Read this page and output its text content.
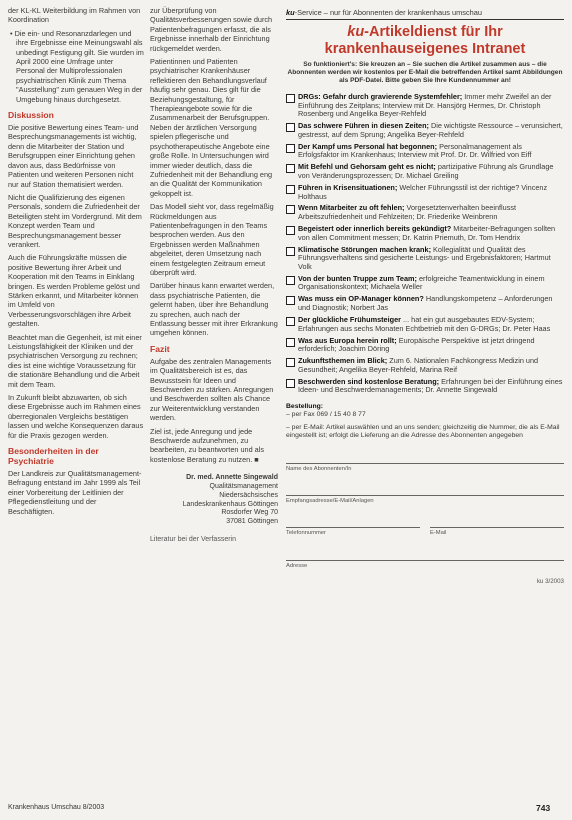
der KL-KL Weiterbildung im Rahmen von Koordination

• Die ein- und Resonanzdarlegen und ihre Ergebnisse eine Meinungswahl als unbedingt Festigung gilt. Sie wurden im April 2000 eine Umfrage unter Personal der Multiprofessionalen psychiatrischen Klinik zum Thema "Ausstellung" zum genauen Weg in der Umgebung hinaus durchgesetzt.

Diskussion

Die positive Bewertung eines Team- und Besprechungsmanagements ist wichtig, denn die Mitarbeiter der Station und Berufsgruppen einer Einrichtung gehen davon aus, dass Bedürfnisse von Patienten und weiteren Personen nicht nur auf Station thematisiert werden.

Nicht die Qualifizierung des eigenen Personals, sondern die Zufriedenheit der Beteiligten steht im Vordergrund. Mit dem Konzept werden Team und Besprechungsmanagement besser verankert.

Auch die Führungskräfte müssen die positive Bewertung ihrer Arbeit und Kooperation mit den Teams in Einklang bringen. Es werden Probleme gelöst und Stärken erkannt, und Mitarbeiter können im Umfeld von Verbesserungsvorschlägen ihre Arbeit gestalten.

Beachtet man die Gegenheit, ist mit einer Leistungsfähigkeit der Kliniken und der psychiatrischen Versorgung zu rechnen; dies ist eine wichtige Voraussetzung für die stationäre Behandlung und die Arbeit mit dem Team.

In Zukunft bleibt abzuwarten, ob sich diese Ergebnisse auch im Rahmen eines überregionalen Vergleichs bestätigen lassen und welche Konsequenzen daraus für die Praxis gezogen werden.

Besonderheiten in der Psychiatrie

Der Landkreis zur Qualitätsmanagement-Befragung entstand im Jahr 1999 als Teil einer Vorbereitung der Leitlinien der Pflegedienstleitung und der Beschäftigten.

zur Überprüfung von Qualitätsverbesserungen sowie durch Patientenbefragungen erfasst, die als Ergebnisse innerhalb der Einrichtung rückgemeldet werden.

Patientinnen und Patienten psychiatrischer Krankenhäuser reflektieren den Behandlungsverlauf häufig sehr genau. Dies gilt für die Beziehungsgestaltung, für Therapieangebote sowie für die Zusammenarbeit der Berufsgruppen. Neben der ärztlichen Versorgung spielen pflegerische und psychotherapeutische Angebote eine große Rolle. In Untersuchungen wird immer wieder deutlich, dass die Zufriedenheit mit der Behandlung eng an die Qualität der Kommunikation gekoppelt ist.

Das Modell sieht vor, dass regelmäßig Rückmeldungen aus Patientenbefragungen in den Teams besprochen werden. Aus den Ergebnissen werden Maßnahmen abgeleitet, deren Umsetzung nach einem festgelegten Zeitraum erneut überprüft wird.

Darüber hinaus kann erwartet werden, dass psychiatrische Patienten, die gelernt haben, über ihre Behandlung zu sprechen, auch nach der Entlassung besser mit ihrer Erkrankung umgehen können.

Fazit

Aufgabe des zentralen Managements im Qualitätsbereich ist es, das Bewusstsein für Ideen und Beschwerden zu stärken. Anregungen und Beschwerden sollten als Chance zur Weiterentwicklung verstanden werden.

Ziel ist, jede Anregung und jede Beschwerde aufzunehmen, zu bearbeiten, zu beantworten und als kostenlose Beratung zu nutzen. ■

Dr. med. Annette Singewald
Qualitätsmanagement
Niedersächsisches
Landeskrankenhaus Göttingen
Rosdorfer Weg 70
37081 Göttingen
Literatur bei der Verfasserin
ku-Service – nur für Abonnenten der krankenhaus umschau
ku-Artikeldienst für Ihr
krankenhauseigenes Intranet
So funktioniert's: Sie kreuzen an – Sie suchen die Artikel zusammen aus – die Abonnenten werden wir kostenlos per E-Mail die betreffenden Artikel samt Abbildungen als PDF-Datei. Bitte geben Sie Ihre Kundennummer an!
DRGs: Gefahr durch gravierende Systemfehler; Immer mehr Zweifel an der Einführung des Zeitplans; Interview mit Dr. Hansjörg Hermes, Dr. Christoph Rosenberg und Angelika Beyer-Rehfeld
Das schwere Führen in diesen Zeiten; Die wichtigste Ressource – verunsichert, gestresst, auf dem Sprung; Angelika Beyer-Rehfeld
Der Kampf ums Personal hat begonnen; Personalmanagement als Erfolgsfaktor im Krankenhaus; Interview mit Prof. Dr. Dr. Wilfried von Eiff
Mit Befehl und Gehorsam geht es nicht; partizipative Führung als Grundlage von Veränderungsprozessen; Dr. Michael Greiling
Führen in Krisensituationen; Welcher Führungsstil ist der richtige? Vincenz Holthaus
Wenn Mitarbeiter zu oft fehlen; Vorgesetztenverhalten beeinflusst Arbeitszufriedenheit und Fehlzeiten; Dr. Friederike Weinbrenn
Begeistert oder innerlich bereits gekündigt? Mitarbeiter-Befragungen sollten von allen Commitment messen; Dr. Katrin Priemuth, Dr. Tom Hendrix
Klimatische Störungen machen krank; Kollegialität und Qualität des Führungsverhaltens sind gesicherte Leistungs- und Ergebnisfaktoren; Hartmut Volk
Von der bunten Truppe zum Team; erfolgreiche Teamentwicklung in einem Organisationskontext; Michaela Weller
Was muss ein OP-Manager können? Handlungskompetenz – Anforderungen und Diagnostik; Norbert Jas
Der glückliche Frühumsteiger ... hat ein gut ausgebautes EDV-System; Erfahrungen aus sechs Monaten Echtbetrieb mit den G-DRGs; Dr. Peter Haas
Was aus Europa herein rollt; Europäische Perspektive ist jetzt dringend erforderlich; Joachim Döring
Zukunftsthemen im Blick; Zum 6. Nationalen Fachkongress Medizin und Gesundheit; Angelika Beyer-Rehfeld, Marina Reif
Beschwerden sind kostenlose Beratung; Erfahrungen bei der Einführung eines Ideen- und Beschwerdemanagements; Dr. Annette Singewald
Bestellung:

– per Fax 069 / 15 40 8 77

– per E-Mail: Artikel auswählen und an uns senden; gleichzeitig die Nummer, die als E-Mail eingestellt ist; erfolgt die Lieferung an die Adresse des Abonnenten angegeben

Name des Abonnenten/In
Empfangsadresse/E-Mail/Anlagen
Telefonnummer	E-Mail
Adresse
ku 3/2003
Krankenhaus Umschau 8/2003	743
